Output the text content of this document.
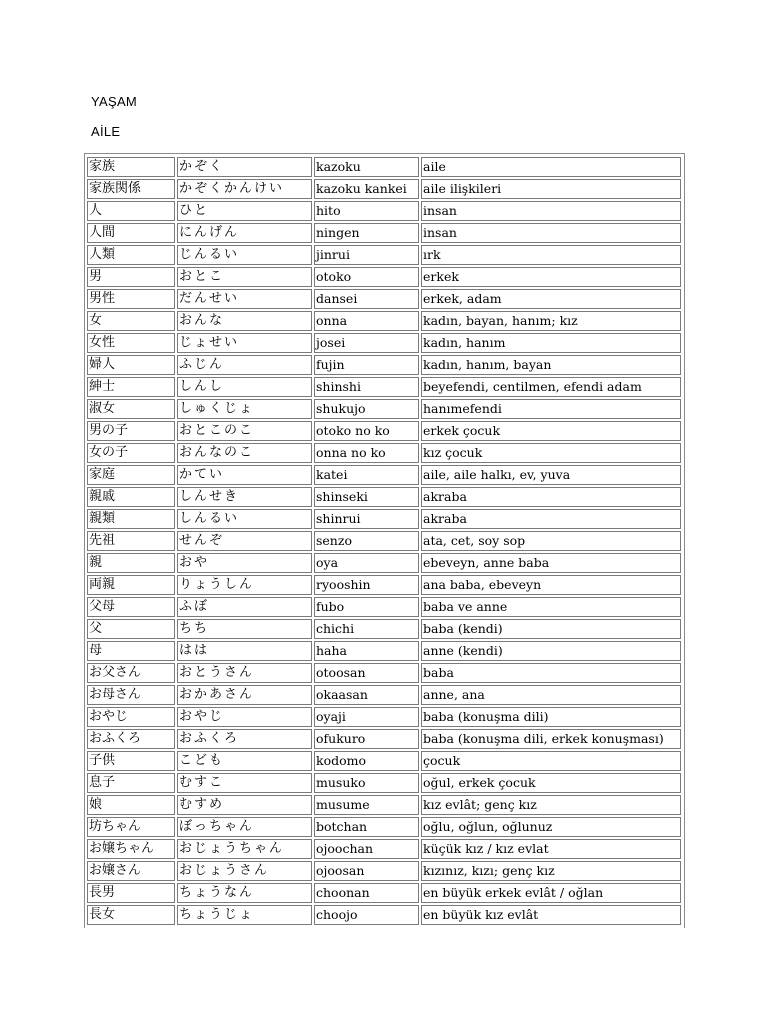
YAŞAM
AİLE
家族	かぞく	kazoku	aile
家族関係	かぞくかんけい	kazoku kankei	aile ilişkileri
人	ひと	hito	insan
人間	にんげん	ningen	insan
人類	じんるい	jinrui	ırk
男	おとこ	otoko	erkek
男性	だんせい	dansei	erkek, adam
女	おんな	onna	kadın, bayan, hanım; kız
女性	じょせい	josei	kadın, hanım
婦人	ふじん	fujin	kadın, hanım, bayan
紳士	しんし	shinshi	beyefendi, centilmen, efendi adam
淑女	しゅくじょ	shukujo	hanımefendi
男の子	おとこのこ	otoko no ko	erkek çocuk
女の子	おんなのこ	onna no ko	kız çocuk
家庭	かてい	katei	aile, aile halkı, ev, yuva
親戚	しんせき	shinseki	akraba
親類	しんるい	shinrui	akraba
先祖	せんぞ	senzo	ata, cet, soy sop
親	おや	oya	ebeveyn, anne baba
両親	りょうしん	ryooshin	ana baba, ebeveyn
父母	ふぼ	fubo	baba ve anne
父	ちち	chichi	baba (kendi)
母	はは	haha	anne (kendi)
お父さん	おとうさん	otoosan	baba
お母さん	おかあさん	okaasan	anne, ana
おやじ	おやじ	oyaji	baba (konuşma dili)
おふくろ	おふくろ	ofukuro	baba (konuşma dili, erkek konuşması)
子供	こども	kodomo	çocuk
息子	むすこ	musuko	oğul, erkek çocuk
娘	むすめ	musume	kız evlât; genç kız
坊ちゃん	ぼっちゃん	botchan	oğlu, oğlun, oğlunuz
お嬢ちゃん	おじょうちゃん	ojoochan	küçük kız / kız evlat
お嬢さん	おじょうさん	ojoosan	kızınız, kızı; genç kız
長男	ちょうなん	choonan	en büyük erkek evlât / oğlan
長女	ちょうじょ	choojo	en büyük kız evlât
